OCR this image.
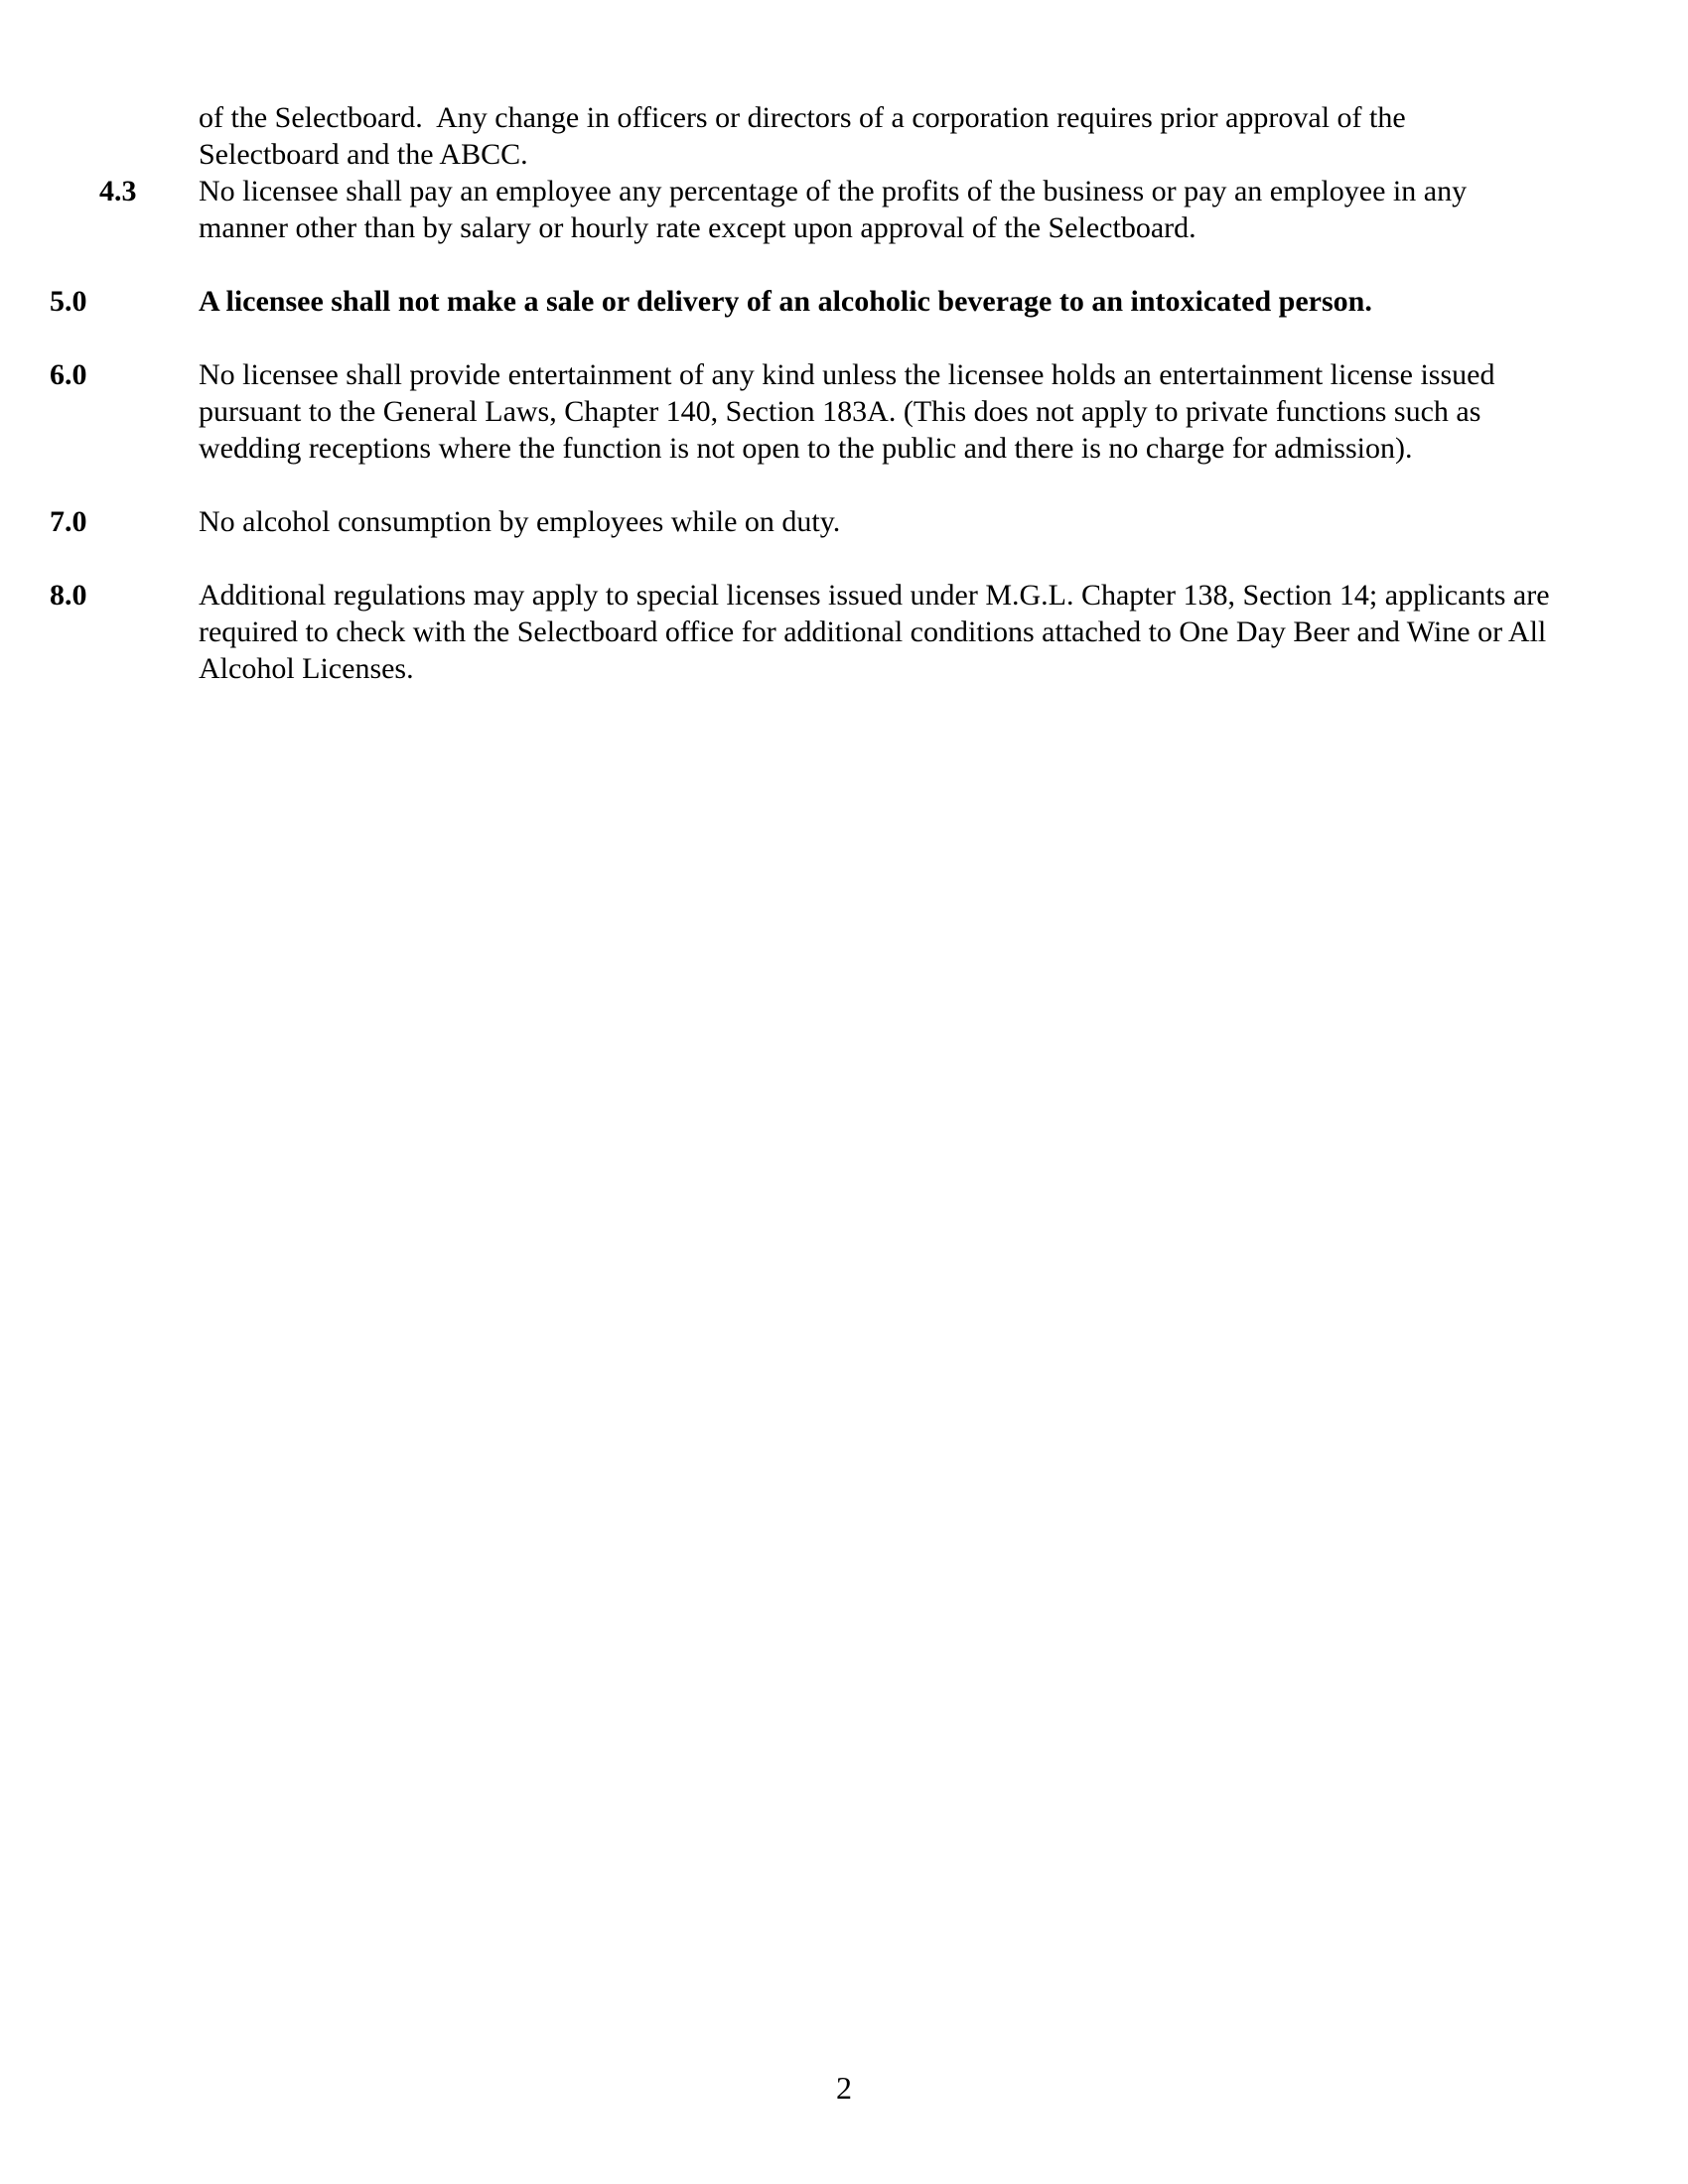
of the Selectboard.  Any change in officers or directors of a corporation requires prior approval of the
Selectboard and the ABCC.
4.3 No licensee shall pay an employee any percentage of the profits of the business or pay an employee in any
manner other than by salary or hourly rate except upon approval of the Selectboard.
5.0	A licensee shall not make a sale or delivery of an alcoholic beverage to an intoxicated person.
6.0	No licensee shall provide entertainment of any kind unless the licensee holds an entertainment license issued
pursuant to the General Laws, Chapter 140, Section 183A. (This does not apply to private functions such as
wedding receptions where the function is not open to the public and there is no charge for admission).
7.0	No alcohol consumption by employees while on duty.
8.0	Additional regulations may apply to special licenses issued under M.G.L. Chapter 138, Section 14; applicants are
required to check with the Selectboard office for additional conditions attached to One Day Beer and Wine or All
Alcohol Licenses.
2
